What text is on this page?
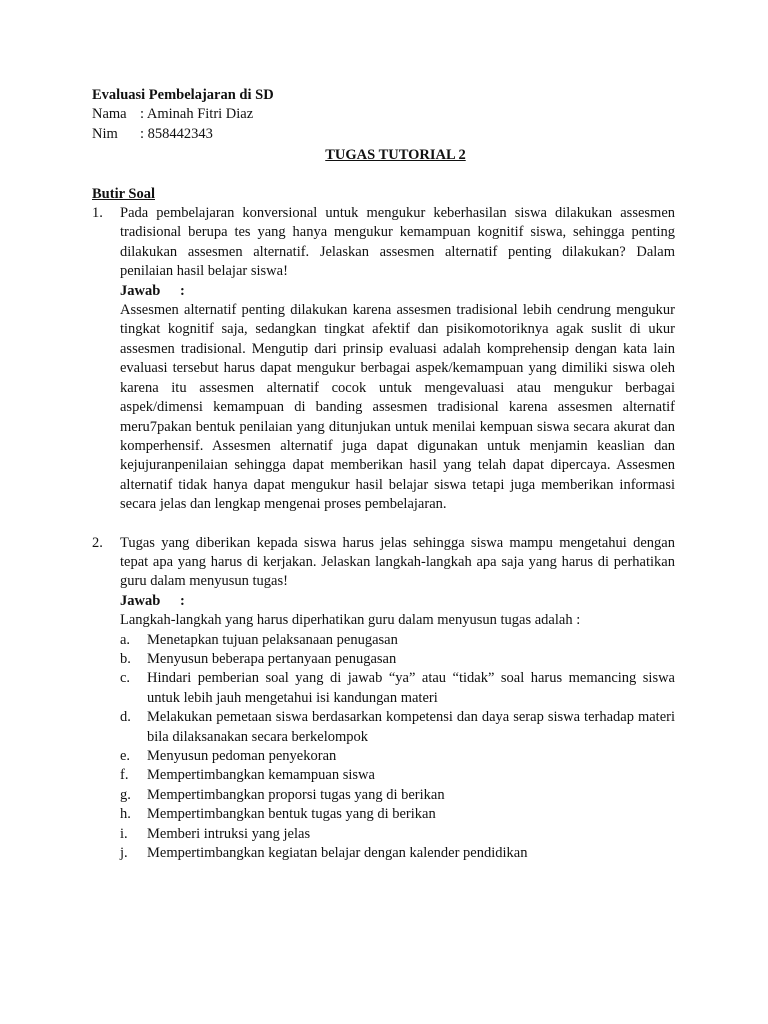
Evaluasi Pembelajaran di SD
Nama : Aminah Fitri Diaz
Nim	: 858442343
TUGAS TUTORIAL 2
Butir Soal
1.	Pada pembelajaran konversional untuk mengukur keberhasilan siswa dilakukan assesmen tradisional berupa tes yang hanya mengukur kemampuan kognitif siswa, sehingga penting dilakukan assesmen alternatif. Jelaskan assesmen alternatif penting dilakukan? Dalam penilaian hasil belajar siswa!
Jawab	:
Assesmen alternatif penting dilakukan karena assesmen tradisional lebih cendrung mengukur tingkat kognitif saja, sedangkan tingkat afektif dan pisikomotoriknya agak suslit di ukur assesmen tradisional. Mengutip dari prinsip evaluasi adalah komprehensip dengan kata lain evaluasi tersebut harus dapat mengukur berbagai aspek/kemampuan yang dimiliki siswa oleh karena itu assesmen alternatif cocok untuk mengevaluasi atau mengukur berbagai aspek/dimensi kemampuan di banding assesmen tradisional karena assesmen alternatif meru7pakan bentuk penilaian yang ditunjukan untuk menilai kempuan siswa secara akurat dan komperhensif. Assesmen alternatif juga dapat digunakan untuk menjamin keaslian dan kejujuranpenilaian sehingga dapat memberikan hasil yang telah dapat dipercaya. Assesmen alternatif tidak hanya dapat mengukur hasil belajar siswa tetapi juga memberikan informasi secara jelas dan lengkap mengenai proses pembelajaran.
2.	Tugas yang diberikan kepada siswa harus jelas sehingga siswa mampu mengetahui dengan tepat apa yang harus di kerjakan. Jelaskan langkah-langkah apa saja yang harus di perhatikan guru dalam menyusun tugas!
Jawab	:
Langkah-langkah yang harus diperhatikan guru dalam menyusun tugas adalah :
a.	Menetapkan tujuan pelaksanaan penugasan
b.	Menyusun beberapa pertanyaan penugasan
c.	Hindari pemberian soal yang di jawab “ya” atau “tidak” soal harus memancing siswa untuk lebih jauh mengetahui isi kandungan materi
d.	Melakukan pemetaan siswa berdasarkan kompetensi dan daya serap siswa terhadap materi bila dilaksanakan secara berkelompok
e.	Menyusun pedoman penyekoran
f.	Mempertimbangkan kemampuan siswa
g.	Mempertimbangkan proporsi tugas yang di berikan
h.	Mempertimbangkan bentuk tugas yang di berikan
i.	Memberi intruksi yang jelas
j.	Mempertimbangkan kegiatan belajar dengan kalender pendidikan
